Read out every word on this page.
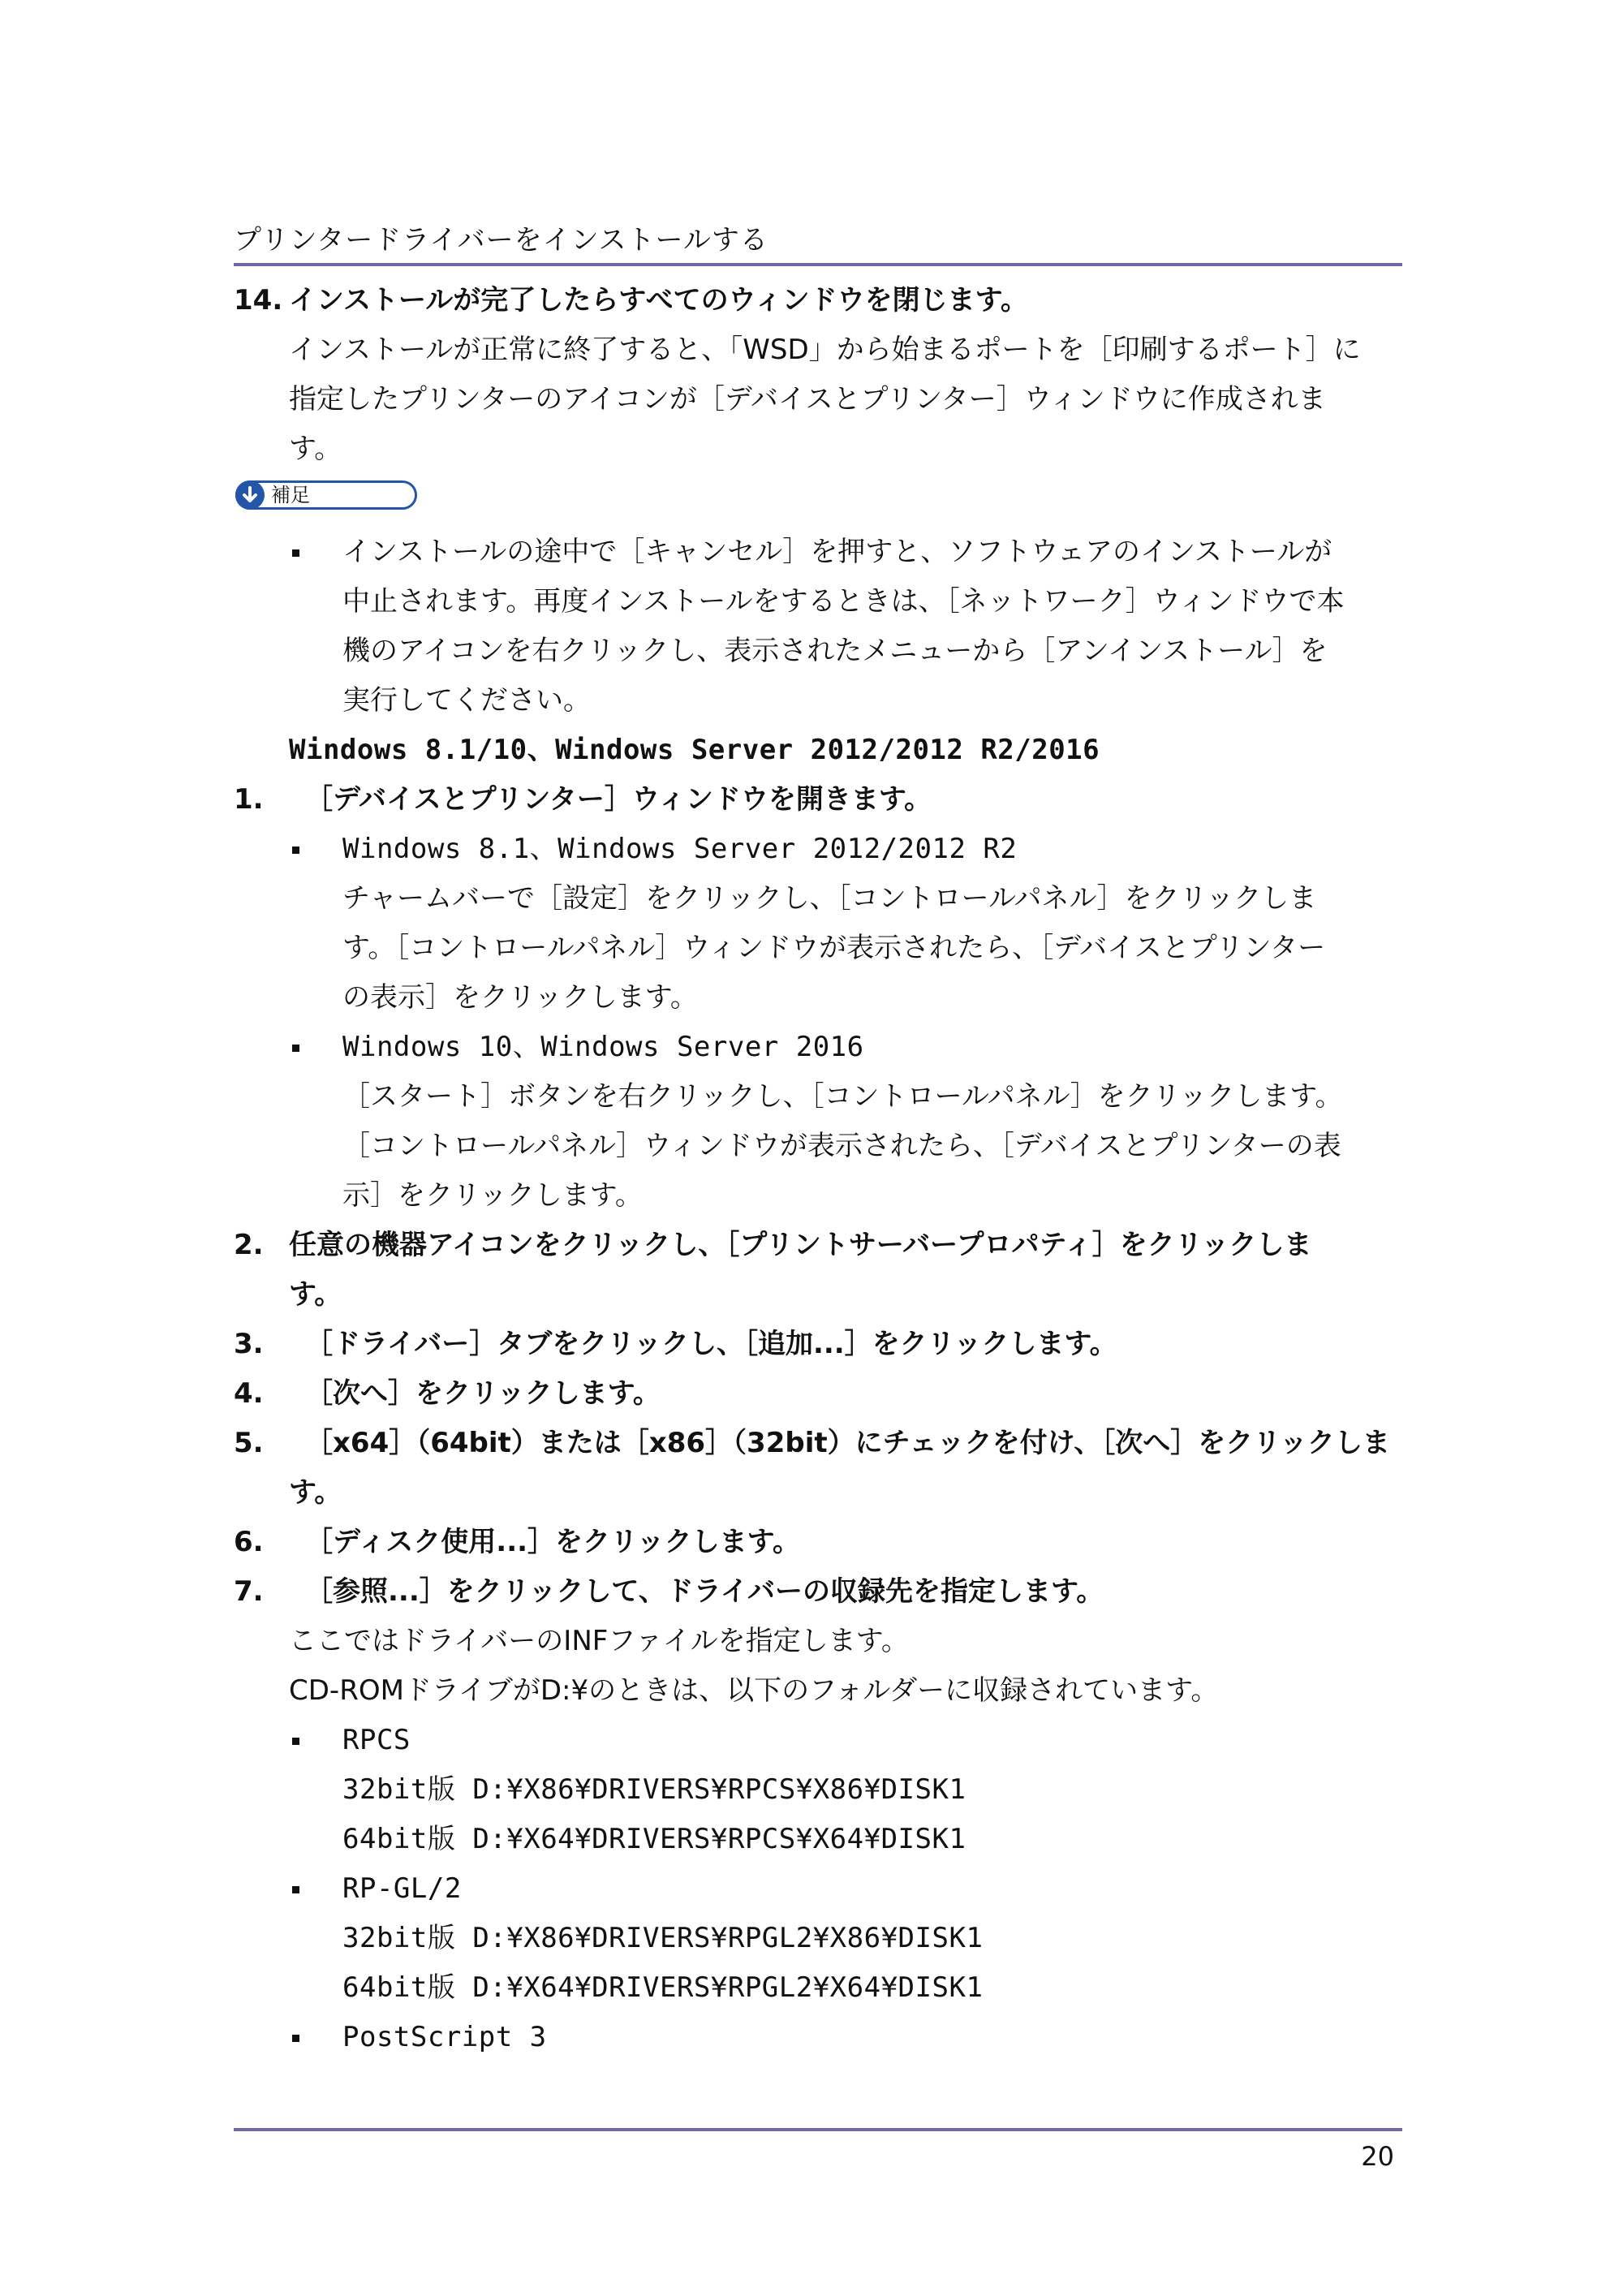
プリンタードライバーをインストールする
14. インストールが完了したらすべてのウィンドウを閉じます。
インストールが正常に終了すると、「WSD」から始まるポートを［印刷するポート］に
指定したプリンターのアイコンが［デバイスとプリンター］ウィンドウに作成されま
す。
補足
インストールの途中で［キャンセル］を押すと、ソフトウェアのインストールが
中止されます。再度インストールをするときは、［ネットワーク］ウィンドウで本
機のアイコンを右クリックし、表示されたメニューから［アンインストール］を
実行してください。
Windows 8.1/10、Windows Server 2012/2012 R2/2016
1. ［デバイスとプリンター］ウィンドウを開きます。
Windows 8.1、Windows Server 2012/2012 R2
チャームバーで［設定］をクリックし、［コントロールパネル］をクリックしま
す。［コントロールパネル］ウィンドウが表示されたら、［デバイスとプリンター
の表示］をクリックします。
Windows 10、Windows Server 2016
［スタート］ボタンを右クリックし、［コントロールパネル］をクリックします。
［コントロールパネル］ウィンドウが表示されたら、［デバイスとプリンターの表
示］をクリックします。
2. 任意の機器アイコンをクリックし、［プリントサーバープロパティ］をクリックしま
す。
3. ［ドライバー］タブをクリックし、［追加...］をクリックします。
4. ［次へ］をクリックします。
5. ［x64］（64bit）または［x86］（32bit）にチェックを付け、［次へ］をクリックしま
す。
6. ［ディスク使用...］をクリックします。
7. ［参照...］をクリックして、ドライバーの収録先を指定します。
ここではドライバーのINFファイルを指定します。
CD-ROMドライブがD:¥のときは、以下のフォルダーに収録されています。
RPCS
32bit版 D:¥X86¥DRIVERS¥RPCS¥X86¥DISK1
64bit版 D:¥X64¥DRIVERS¥RPCS¥X64¥DISK1
RP-GL/2
32bit版 D:¥X86¥DRIVERS¥RPGL2¥X86¥DISK1
64bit版 D:¥X64¥DRIVERS¥RPGL2¥X64¥DISK1
PostScript 3
20
